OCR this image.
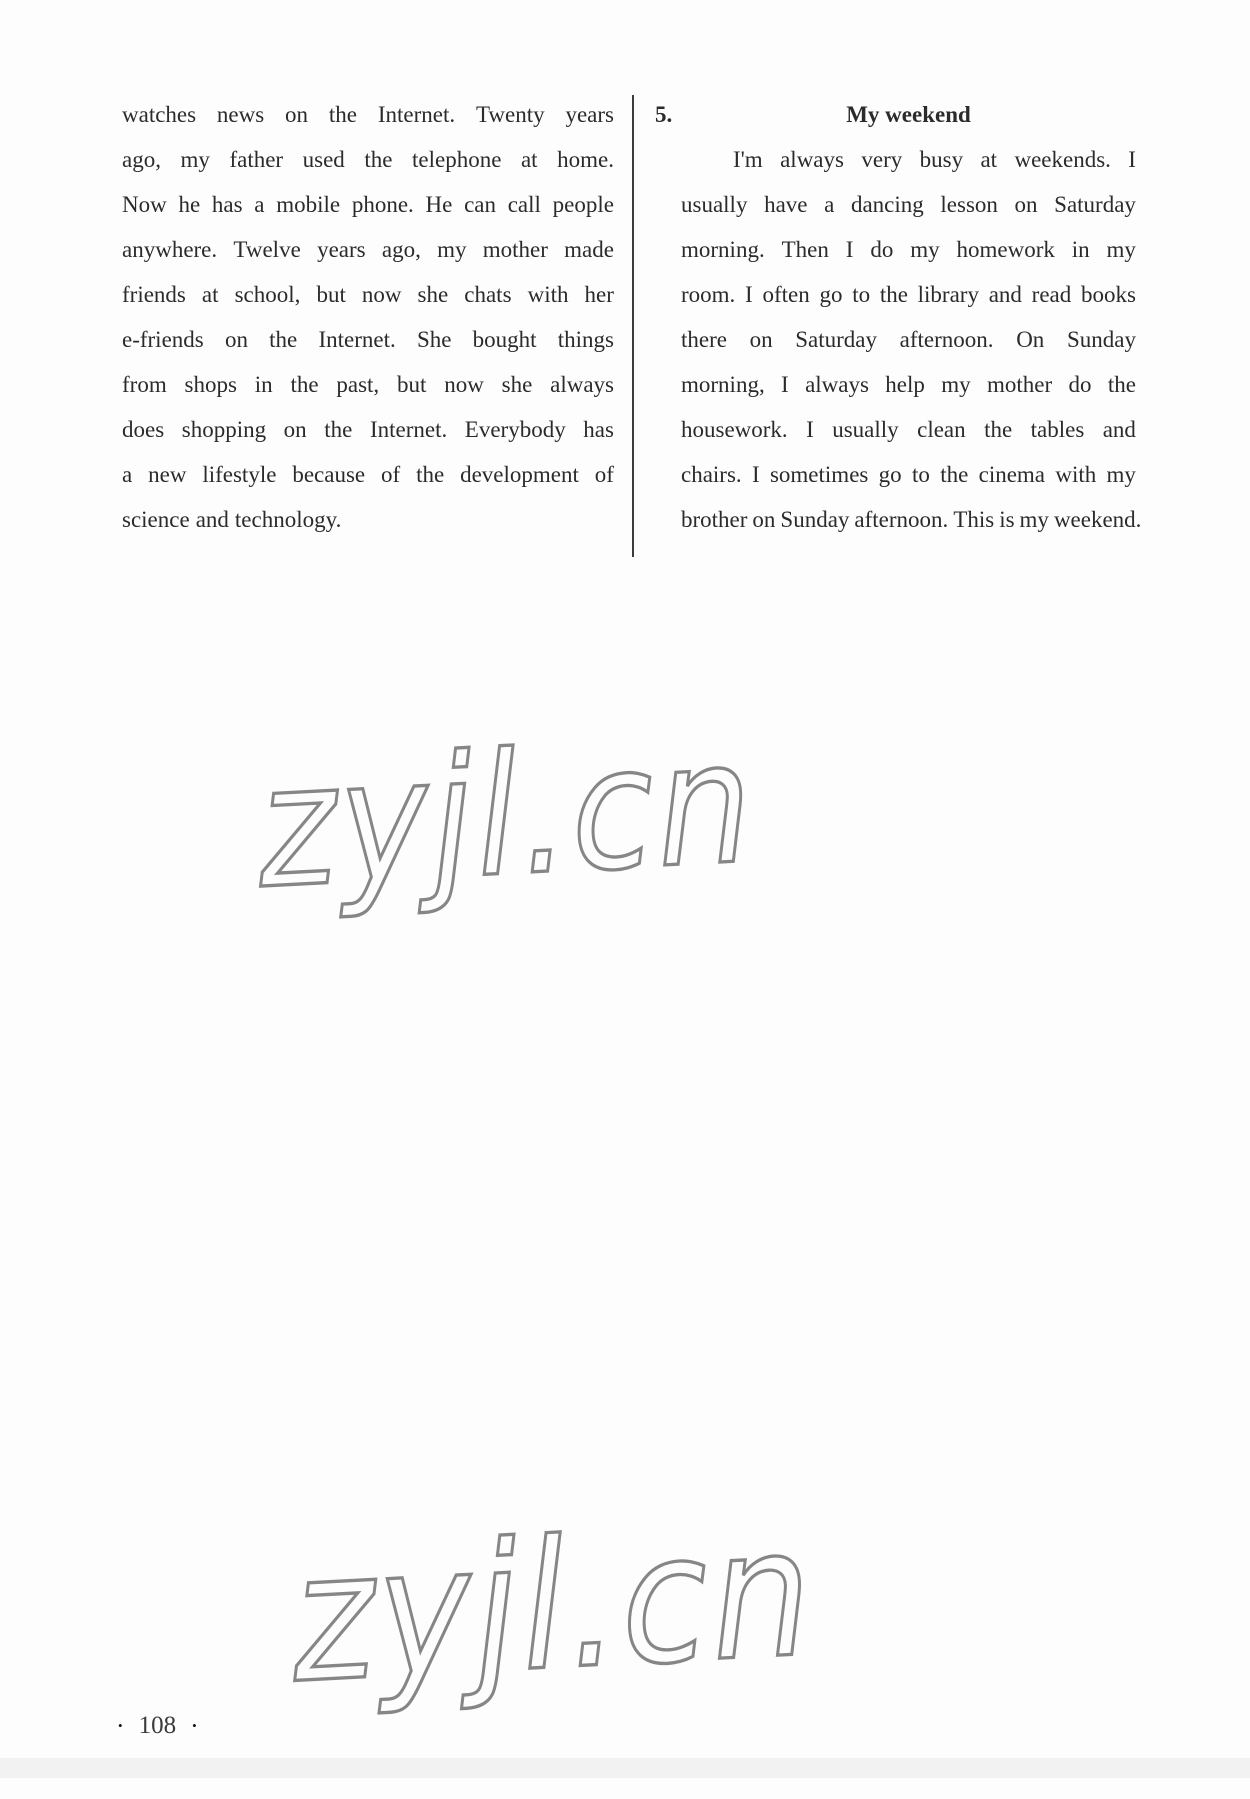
watches news on the Internet. Twenty years
ago, my father used the telephone at home.
Now he has a mobile phone. He can call people
anywhere. Twelve years ago, my mother made
friends at school, but now she chats with her
e-friends on the Internet. She bought things
from shops in the past, but now she always
does shopping on the Internet. Everybody has
a new lifestyle because of the development of
science and technology.
5.	My weekend
I'm always very busy at weekends. I
usually have a dancing lesson on Saturday
morning. Then I do my homework in my
room. I often go to the library and read books
there on Saturday afternoon. On Sunday
morning, I always help my mother do the
housework. I usually clean the tables and
chairs. I sometimes go to the cinema with my
brother on Sunday afternoon. This is my weekend.
zyjl.cn
zyjl.cn
• 108 •
